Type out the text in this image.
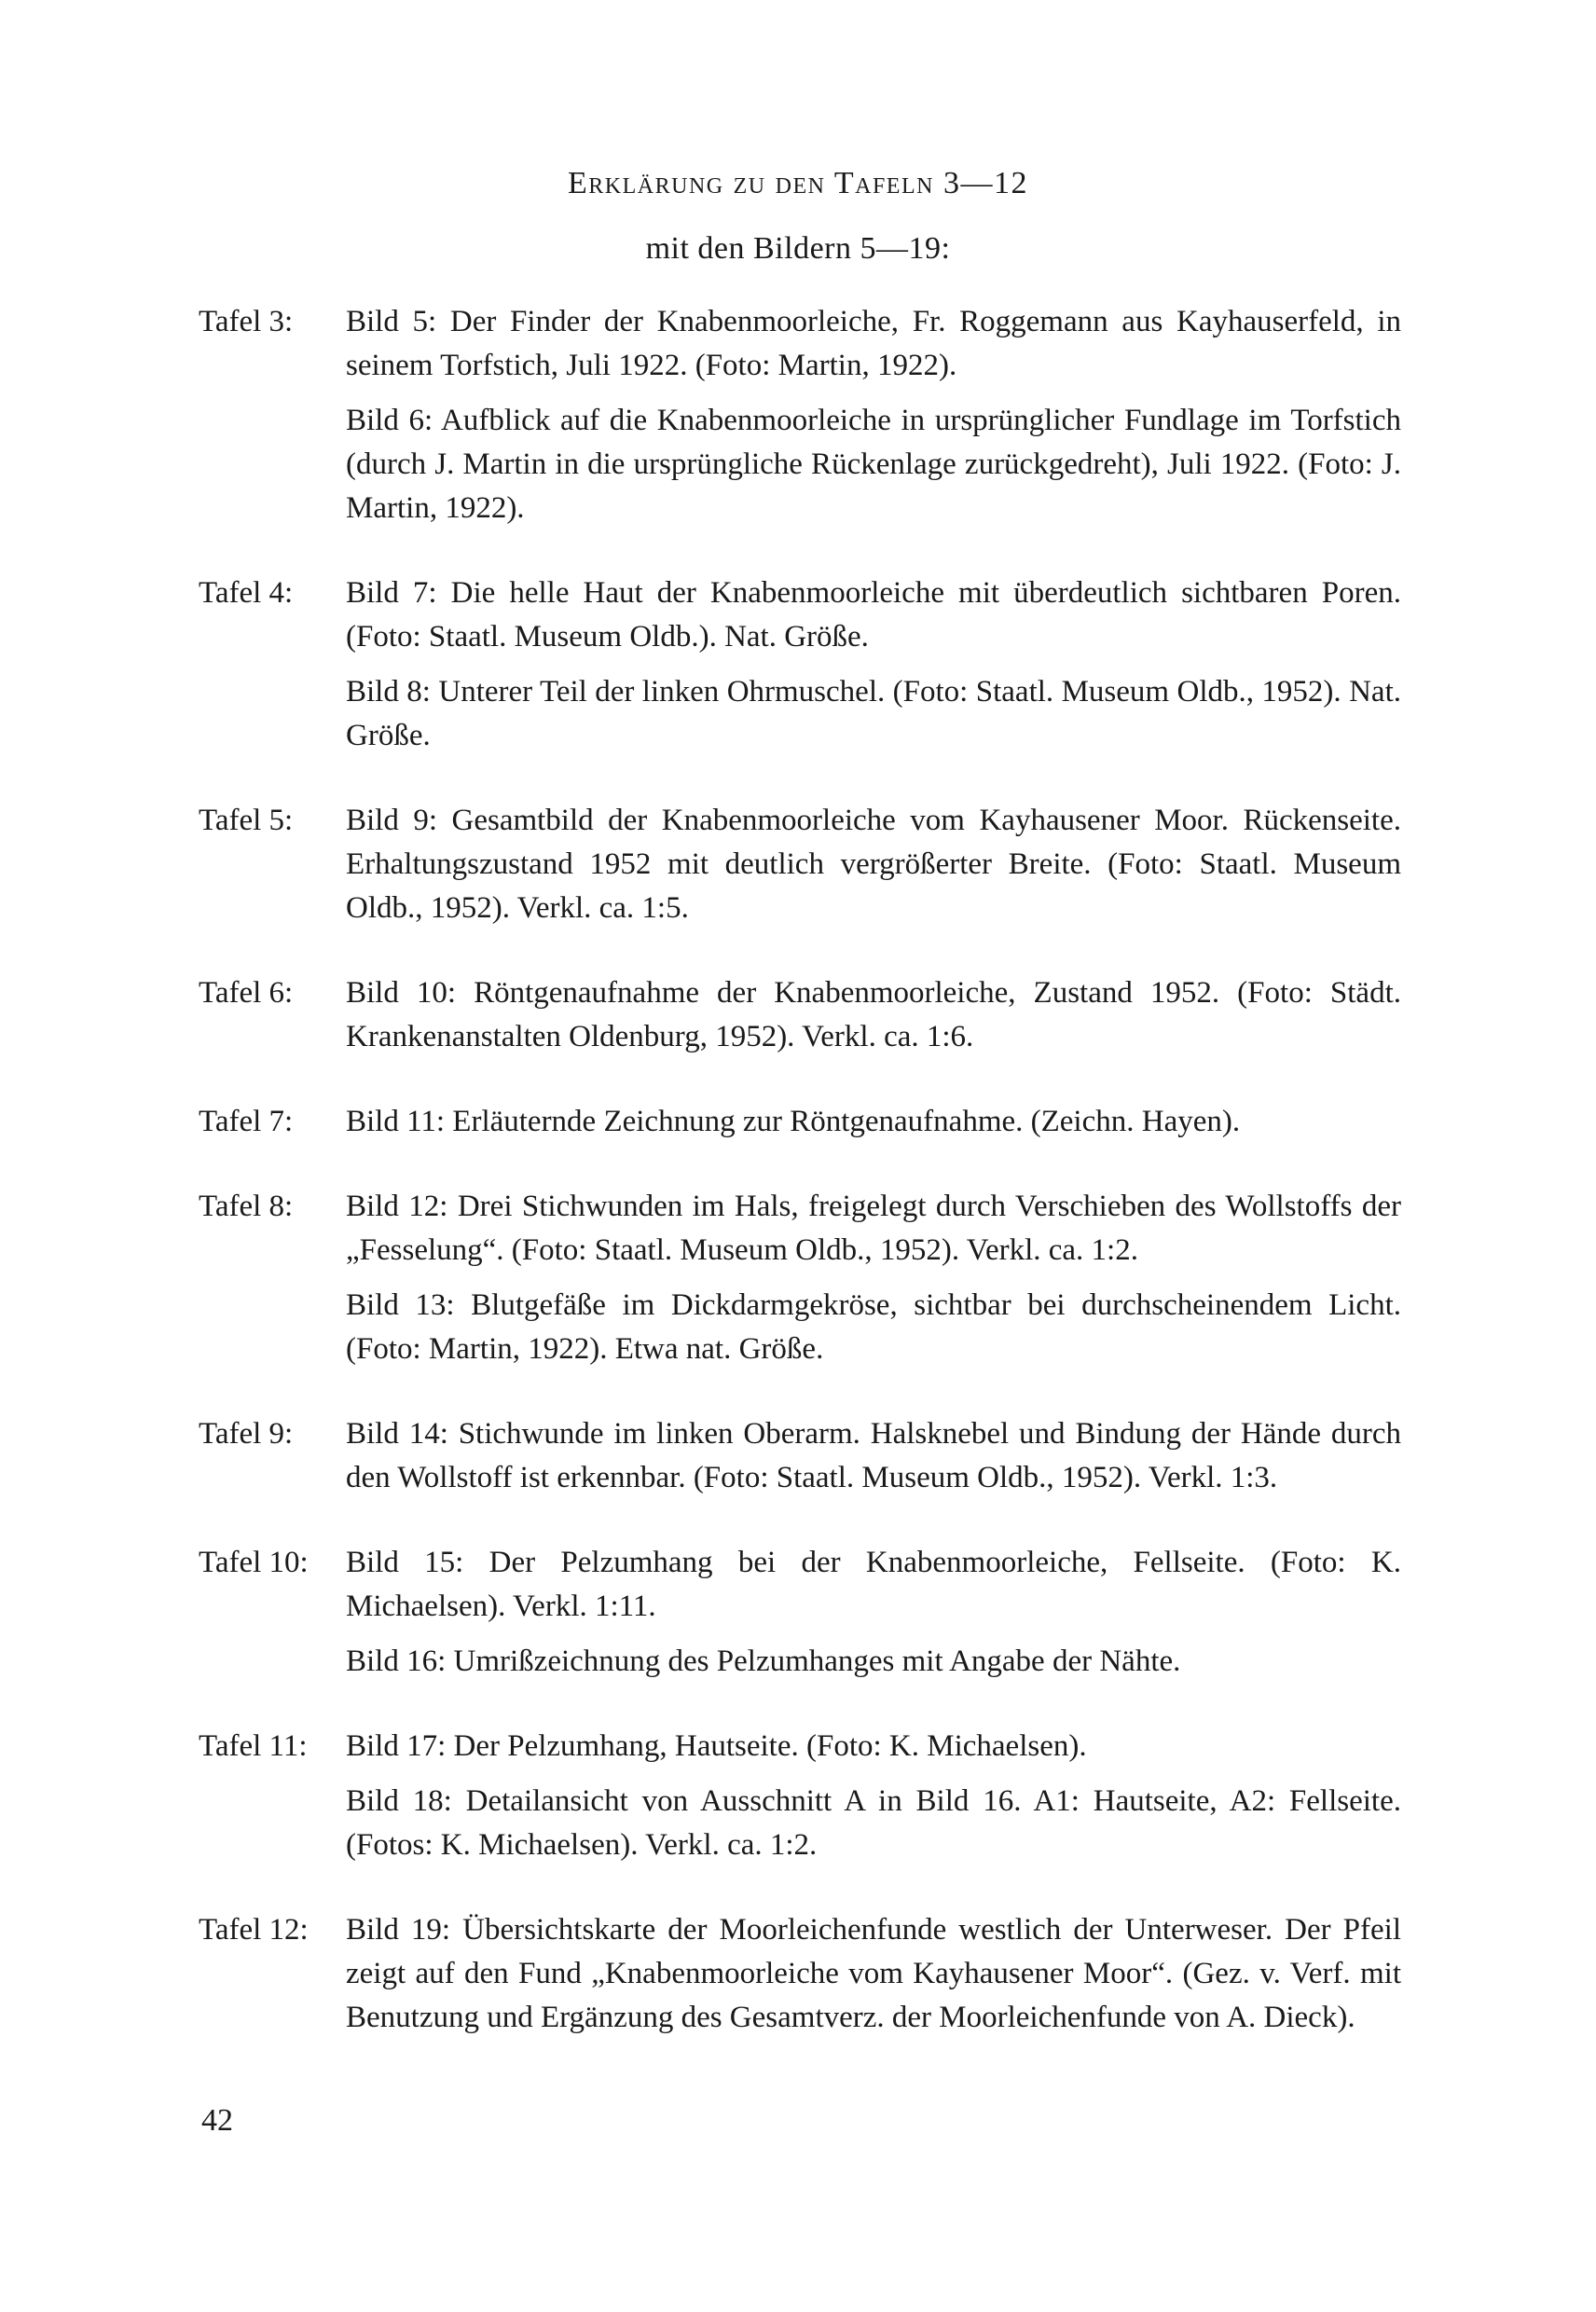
Erklärung zu den Tafeln 3—12
mit den Bildern 5—19:
Tafel 3:	Bild 5: Der Finder der Knabenmoorleiche, Fr. Roggemann aus Kayhauserfeld, in seinem Torfstich, Juli 1922. (Foto: Martin, 1922).

Bild 6: Aufblick auf die Knabenmoorleiche in ursprünglicher Fundlage im Torfstich (durch J. Martin in die ursprüngliche Rückenlage zurückgedreht), Juli 1922. (Foto: J. Martin, 1922).

Tafel 4:	Bild 7: Die helle Haut der Knabenmoorleiche mit überdeutlich sichtbaren Poren. (Foto: Staatl. Museum Oldb.). Nat. Größe.

Bild 8: Unterer Teil der linken Ohrmuschel. (Foto: Staatl. Museum Oldb., 1952). Nat. Größe.

Tafel 5:	Bild 9: Gesamtbild der Knabenmoorleiche vom Kayhausener Moor. Rückenseite. Erhaltungszustand 1952 mit deutlich vergrößerter Breite. (Foto: Staatl. Museum Oldb., 1952). Verkl. ca. 1:5.

Tafel 6:	Bild 10: Röntgenaufnahme der Knabenmoorleiche, Zustand 1952. (Foto: Städt. Krankenanstalten Oldenburg, 1952). Verkl. ca. 1:6.

Tafel 7:	Bild 11: Erläuternde Zeichnung zur Röntgenaufnahme. (Zeichn. Hayen).

Tafel 8:	Bild 12: Drei Stichwunden im Hals, freigelegt durch Verschieben des Wollstoffs der „Fesselung“. (Foto: Staatl. Museum Oldb., 1952). Verkl. ca. 1:2.

Bild 13: Blutgefäße im Dickdarmgekröse, sichtbar bei durchscheinendem Licht. (Foto: Martin, 1922). Etwa nat. Größe.

Tafel 9:	Bild 14: Stichwunde im linken Oberarm. Halsknebel und Bindung der Hände durch den Wollstoff ist erkennbar. (Foto: Staatl. Museum Oldb., 1952). Verkl. 1:3.

Tafel 10:	Bild 15: Der Pelzumhang bei der Knabenmoorleiche, Fellseite. (Foto: K. Michaelsen). Verkl. 1:11.

Bild 16: Umrißzeichnung des Pelzumhanges mit Angabe der Nähte.

Tafel 11:	Bild 17: Der Pelzumhang, Hautseite. (Foto: K. Michaelsen).

Bild 18: Detailansicht von Ausschnitt A in Bild 16. A1: Hautseite, A2: Fellseite. (Fotos: K. Michaelsen). Verkl. ca. 1:2.

Tafel 12:	Bild 19: Übersichtskarte der Moorleichenfunde westlich der Unterweser. Der Pfeil zeigt auf den Fund „Knabenmoorleiche vom Kayhausener Moor“. (Gez. v. Verf. mit Benutzung und Ergänzung des Gesamtverz. der Moorleichenfunde von A. Dieck).

42
